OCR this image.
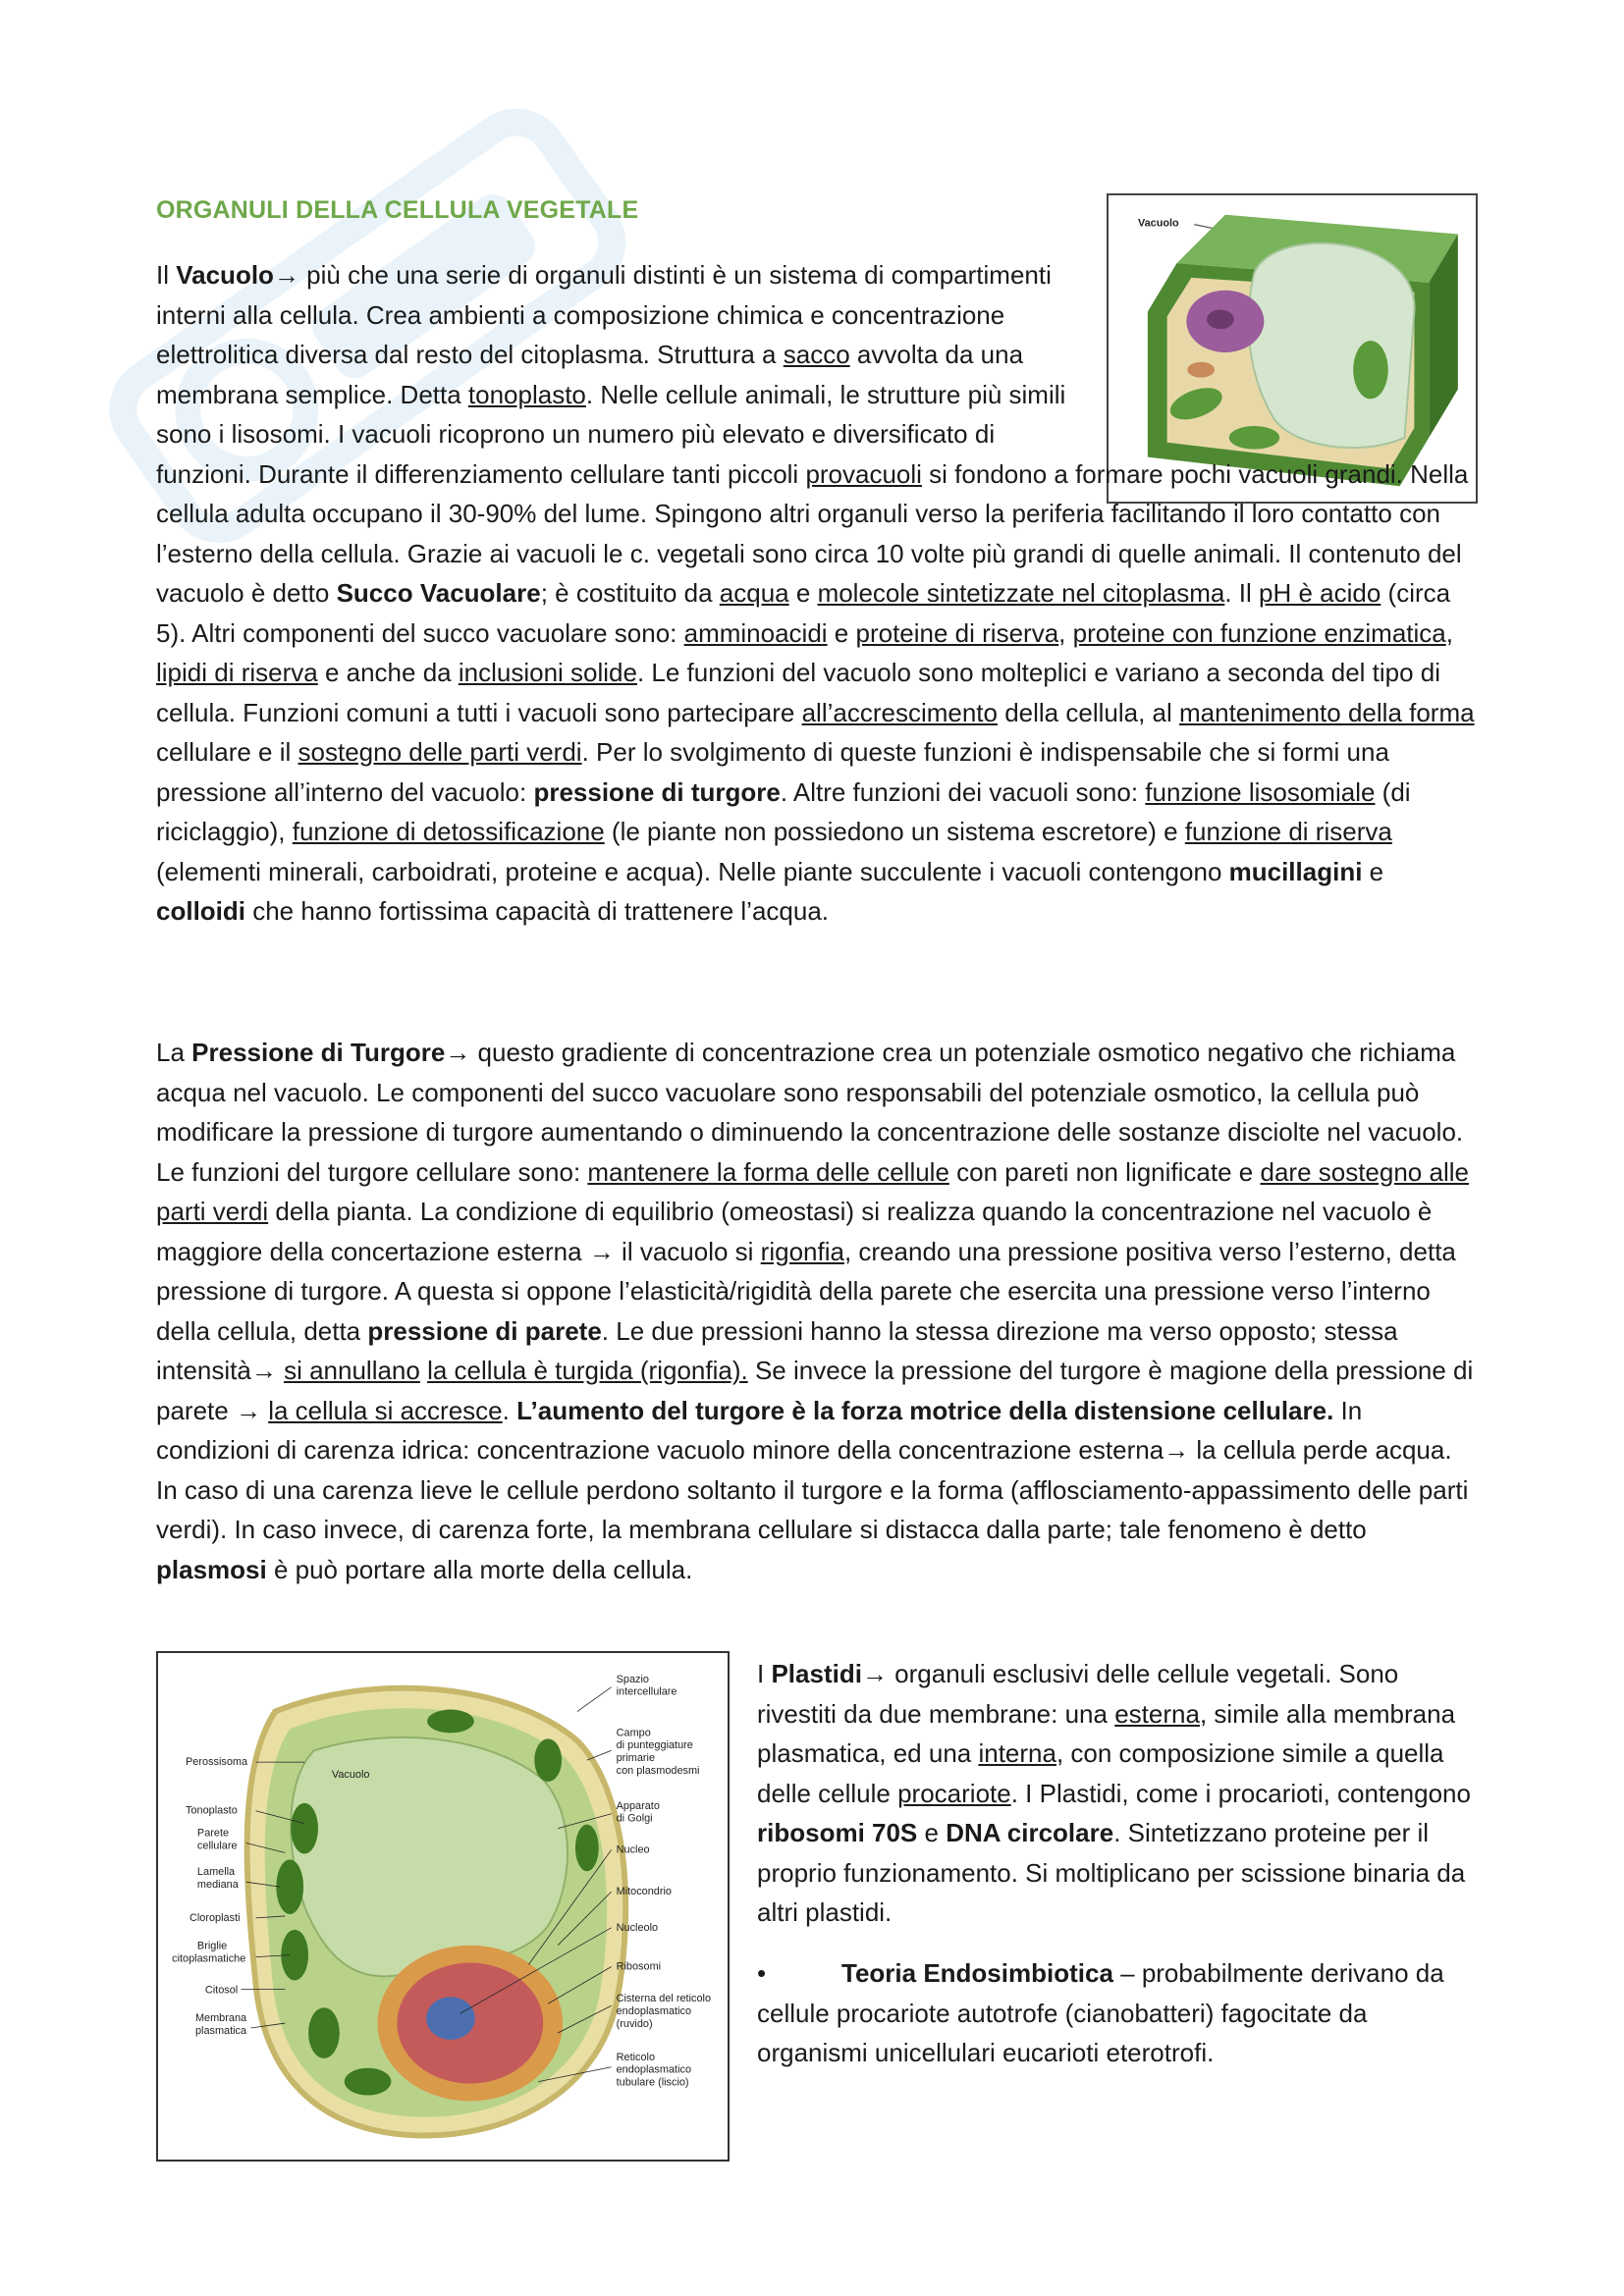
ORGANULI DELLA CELLULA VEGETALE	Vacuolo

Il Vacuolo→ più che una serie di organuli distinti è un sistema di compartimenti interni alla cellula. Crea ambienti a composizione chimica e concentrazione elettrolitica diversa dal resto del citoplasma. Struttura a sacco avvolta da una membrana semplice. Detta tonoplasto. Nelle cellule animali, le strutture più simili sono i lisosomi. I vacuoli ricoprono un numero più elevato e diversificato di funzioni. Durante il differenziamento cellulare tanti piccoli provacuoli si fondono a formare pochi vacuoli grandi. Nella cellula adulta occupano il 30-90% del lume. Spingono altri organuli verso la periferia facilitando il loro contatto con l’esterno della cellula. Grazie ai vacuoli le c. vegetali sono circa 10 volte più grandi di quelle animali. Il contenuto del vacuolo è detto Succo Vacuolare; è costituito da acqua e molecole sintetizzate nel citoplasma. Il pH è acido (circa 5). Altri componenti del succo vacuolare sono: amminoacidi e proteine di riserva, proteine con funzione enzimatica, lipidi di riserva e anche da inclusioni solide. Le funzioni del vacuolo sono molteplici e variano a seconda del tipo di cellula. Funzioni comuni a tutti i vacuoli sono partecipare all’accrescimento della cellula, al mantenimento della forma cellulare e il sostegno delle parti verdi. Per lo svolgimento di queste funzioni è indispensabile che si formi una pressione all’interno del vacuolo: pressione di turgore. Altre funzioni dei vacuoli sono: funzione lisosomiale (di riciclaggio), funzione di detossificazione (le piante non possiedono un sistema escretore) e funzione di riserva (elementi minerali, carboidrati, proteine e acqua). Nelle piante succulente i vacuoli contengono mucillagini e colloidi che hanno fortissima capacità di trattenere l’acqua.

La Pressione di Turgore→ questo gradiente di concentrazione crea un potenziale osmotico negativo che richiama acqua nel vacuolo. Le componenti del succo vacuolare sono responsabili del potenziale osmotico, la cellula può modificare la pressione di turgore aumentando o diminuendo la concentrazione delle sostanze disciolte nel vacuolo. Le funzioni del turgore cellulare sono: mantenere la forma delle cellule con pareti non lignificate e dare sostegno alle parti verdi della pianta. La condizione di equilibrio (omeostasi) si realizza quando la concentrazione nel vacuolo è maggiore della concertazione esterna → il vacuolo si rigonfia, creando una pressione positiva verso l’esterno, detta pressione di turgore. A questa si oppone l’elasticità/rigidità della parete che esercita una pressione verso l’interno della cellula, detta pressione di parete. Le due pressioni hanno la stessa direzione ma verso opposto; stessa intensità→ si annullano la cellula è turgida (rigonfia). Se invece la pressione del turgore è magione della pressione di parete → la cellula si accresce. L’aumento del turgore è la forza motrice della distensione cellulare. In condizioni di carenza idrica: concentrazione vacuolo minore della concentrazione esterna→ la cellula perde acqua. In caso di una carenza lieve le cellule perdono soltanto il turgore e la forma (afflosciamento-appassimento delle parti verdi). In caso invece, di carenza forte, la membrana cellulare si distacca dalla parte; tale fenomeno è detto plasmosi è può portare alla morte della cellula.

Vacuolo
Perossisoma
Tonoplasto
Parete
cellulare
Lamella
mediana
Cloroplasti
Briglie
citoplasmatiche
Citosol
Membrana
plasmatica
Spazio
intercellulare
Campo
di punteggiature
primarie
con plasmodesmi
Apparato
di Golgi
Nucleo
Mitocondrio
Nucleolo
Ribosomi
Cisterna del reticolo
endoplasmatico
(ruvido)
Reticolo
endoplasmatico
tubulare (liscio)

I Plastidi→ organuli esclusivi delle cellule vegetali. Sono rivestiti da due membrane: una esterna, simile alla membrana plasmatica, ed una interna, con composizione simile a quella delle cellule procariote. I Plastidi, come i procarioti, contengono ribosomi 70S e DNA circolare. Sintetizzano proteine per il proprio funzionamento. Si moltiplicano per scissione binaria da altri plastidi.

•	Teoria Endosimbiotica – probabilmente derivano da cellule procariote autotrofe (cianobatteri) fagocitate da organismi unicellulari eucarioti eterotrofi.
